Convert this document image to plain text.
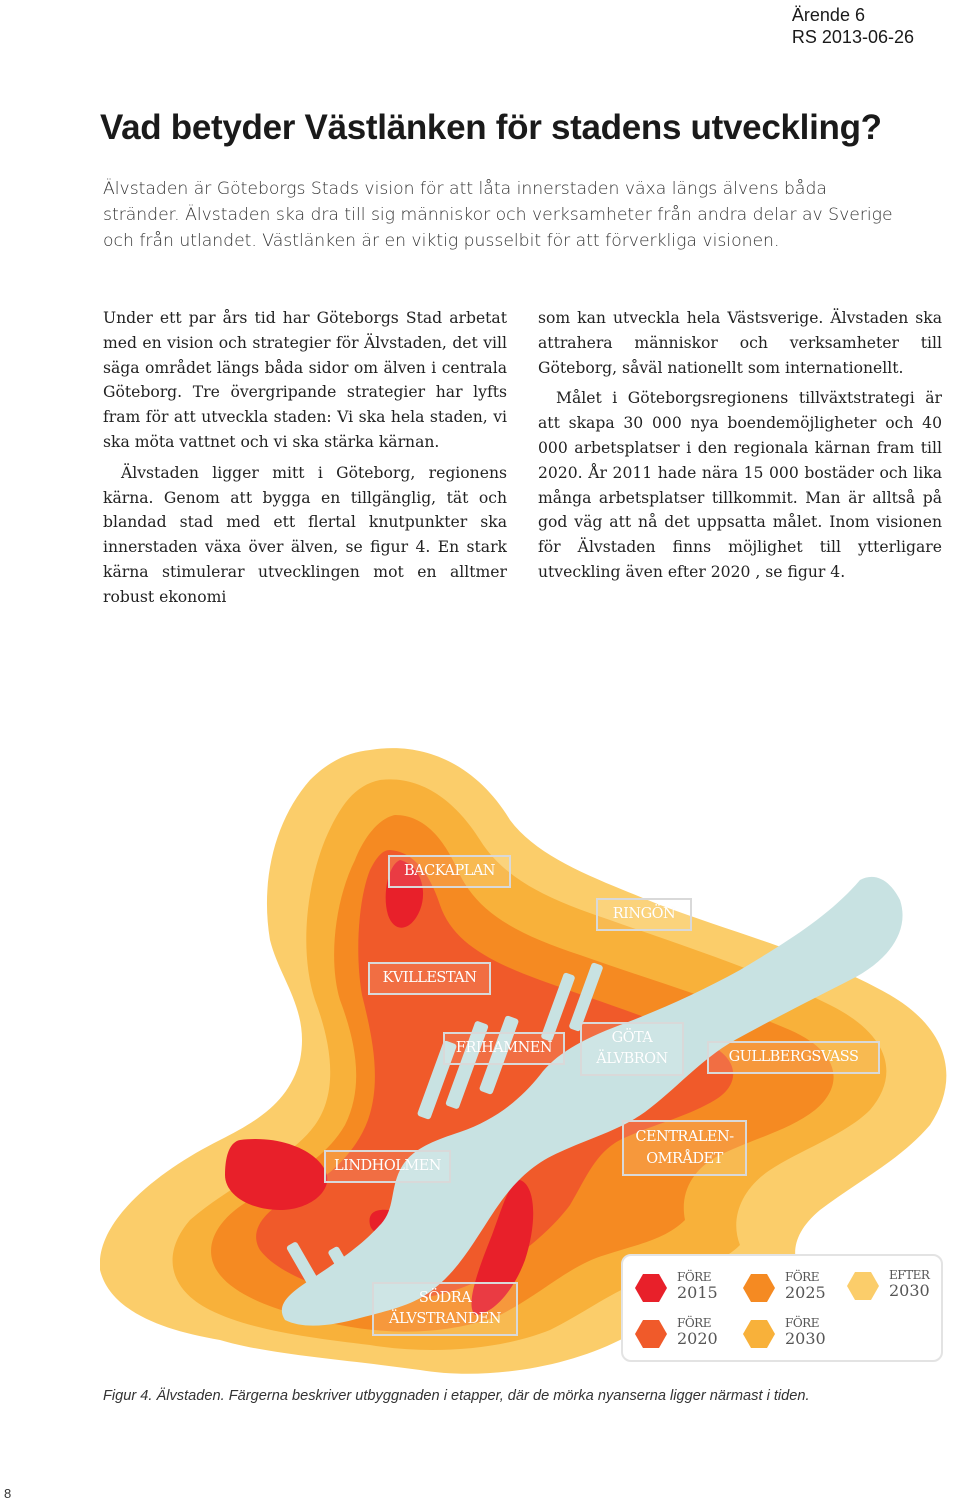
Ärende 6
RS 2013-06-26
Vad betyder Västlänken för stadens utveckling?
Älvstaden är Göteborgs Stads vision för att låta innerstaden växa längs älvens båda stränder. Älvstaden ska dra till sig människor och verksamheter från andra delar av Sverige och från utlandet. Västlänken är en viktig pusselbit för att förverkliga visionen.

Under ett par års tid har Göteborgs Stad arbetat med en vision och strategier för Älvstaden, det vill säga området längs båda sidor om älven i centrala Göteborg. Tre övergripande strategier har lyfts fram för att utveckla staden: Vi ska hela staden, vi ska möta vattnet och vi ska stärka kärnan.

Älvstaden ligger mitt i Göteborg, regionens kärna. Genom att bygga en tillgänglig, tät och blandad stad med ett flertal knutpunkter ska innerstaden växa över älven, se figur 4. En stark kärna stimulerar utvecklingen mot en alltmer robust ekonomi

som kan utveckla hela Västsverige. Älvstaden ska attrahera människor och verksamheter till Göteborg, såväl nationellt som internationellt.

Målet i Göteborgsregionens tillväxtstrategi är att skapa 30 000 nya boendemöjligheter och 40 000 arbetsplatser i den regionala kärnan fram till 2020. År 2011 hade nära 15 000 bostäder och lika många arbetsplatser tillkommit. Man är alltså på god väg att nå det uppsatta målet. Inom visionen för Älvstaden finns möjlighet till ytterligare utveckling även efter 2020 , se figur 4.

BACKAPLAN
RINGÖN
KVILLESTAN
FRIHAMNEN
GÖTA ÄLVBRON	GULLBERGSVASS
CENTRALEN- OMRÅDET
LINDHOLMEN
SÖDRA ÄLVSTRANDEN
FÖRE
2015
FÖRE
2020
FÖRE
2025
FÖRE
2030
EFTER
2030
Figur 4. Älvstaden. Färgerna beskriver utbyggnaden i etapper, där de mörka nyanserna ligger närmast i tiden.
8
